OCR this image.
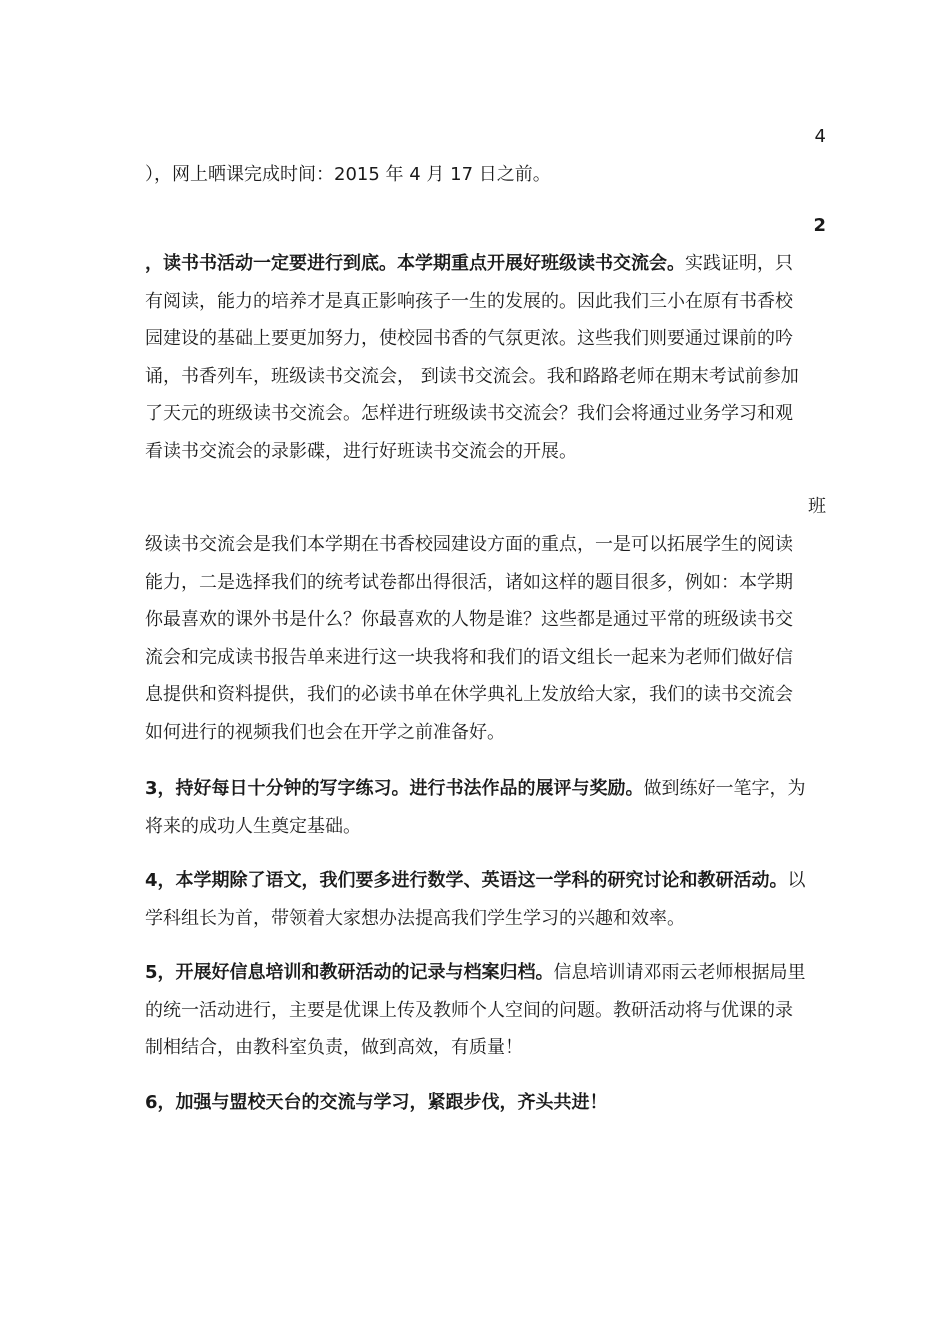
4

），网上晒课完成时间：2015 年 4 月 17 日之前。

2

，读书书活动一定要进行到底。本学期重点开展好班级读书交流会。实践证明，只有阅读，能力的培养才是真正影响孩子一生的发展的。因此我们三小在原有书香校园建设的基础上要更加努力，使校园书香的气氛更浓。这些我们则要通过课前的吟诵，书香列车，班级读书交流会， 到读书交流会。我和路路老师在期末考试前参加了天元的班级读书交流会。怎样进行班级读书交流会？我们会将通过业务学习和观看读书交流会的录影碟，进行好班读书交流会的开展。

班

级读书交流会是我们本学期在书香校园建设方面的重点，一是可以拓展学生的阅读能力，二是选择我们的统考试卷都出得很活，诸如这样的题目很多，例如：本学期你最喜欢的课外书是什么？你最喜欢的人物是谁？这些都是通过平常的班级读书交流会和完成读书报告单来进行这一块我将和我们的语文组长一起来为老师们做好信息提供和资料提供，我们的必读书单在休学典礼上发放给大家，我们的读书交流会如何进行的视频我们也会在开学之前准备好。

3，持好每日十分钟的写字练习。进行书法作品的展评与奖励。做到练好一笔字，为将来的成功人生奠定基础。

4，本学期除了语文，我们要多进行数学、英语这一学科的研究讨论和教研活动。以学科组长为首，带领着大家想办法提高我们学生学习的兴趣和效率。

5，开展好信息培训和教研活动的记录与档案归档。信息培训请邓雨云老师根据局里的统一活动进行，主要是优课上传及教师个人空间的问题。教研活动将与优课的录制相结合，由教科室负责，做到高效，有质量！

6，加强与盟校天台的交流与学习，紧跟步伐，齐头共进！
